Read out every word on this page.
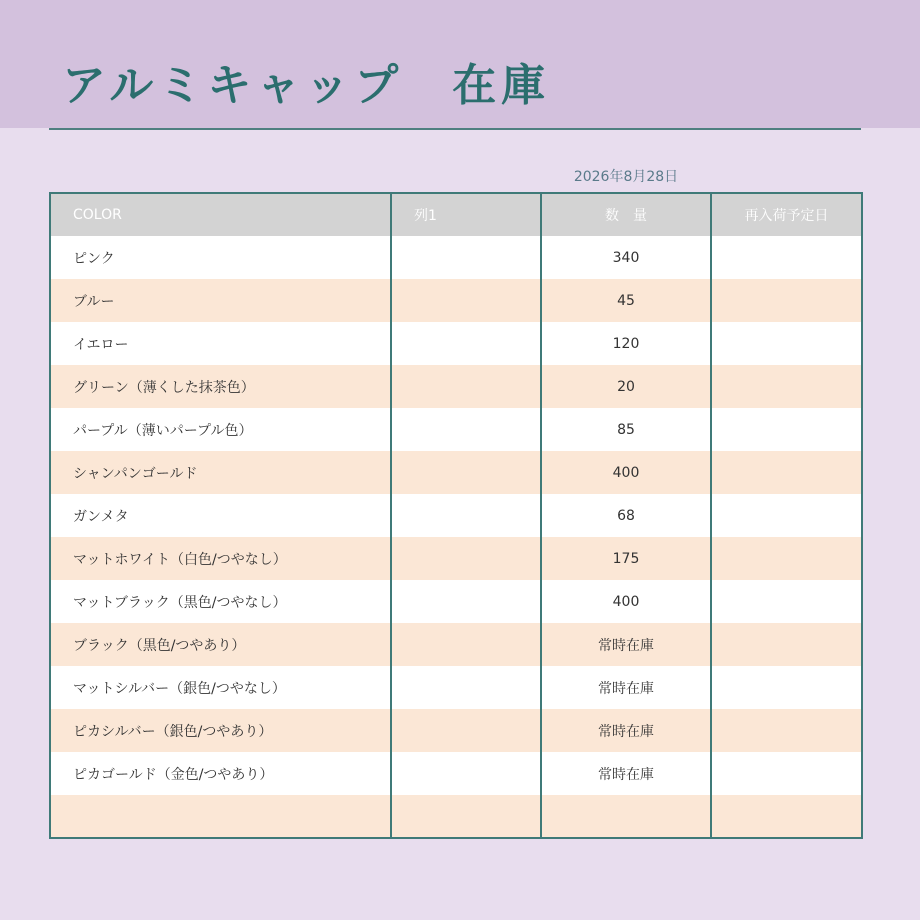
アルミキャップ　在庫
2026年8月28日
COLOR	列1	数　量	再入荷予定日
ピンク		340	
ブルー		45	
イエロー		120	
グリーン（薄くした抹茶色）		20	
パープル（薄いパープル色）		85	
シャンパンゴールド		400	
ガンメタ		68	
マットホワイト（白色/つやなし）		175	
マットブラック（黒色/つやなし）		400	
ブラック（黒色/つやあり）		常時在庫	
マットシルバー（銀色/つやなし）		常時在庫	
ピカシルバー（銀色/つやあり）		常時在庫	
ピカゴールド（金色/つやあり）		常時在庫	
